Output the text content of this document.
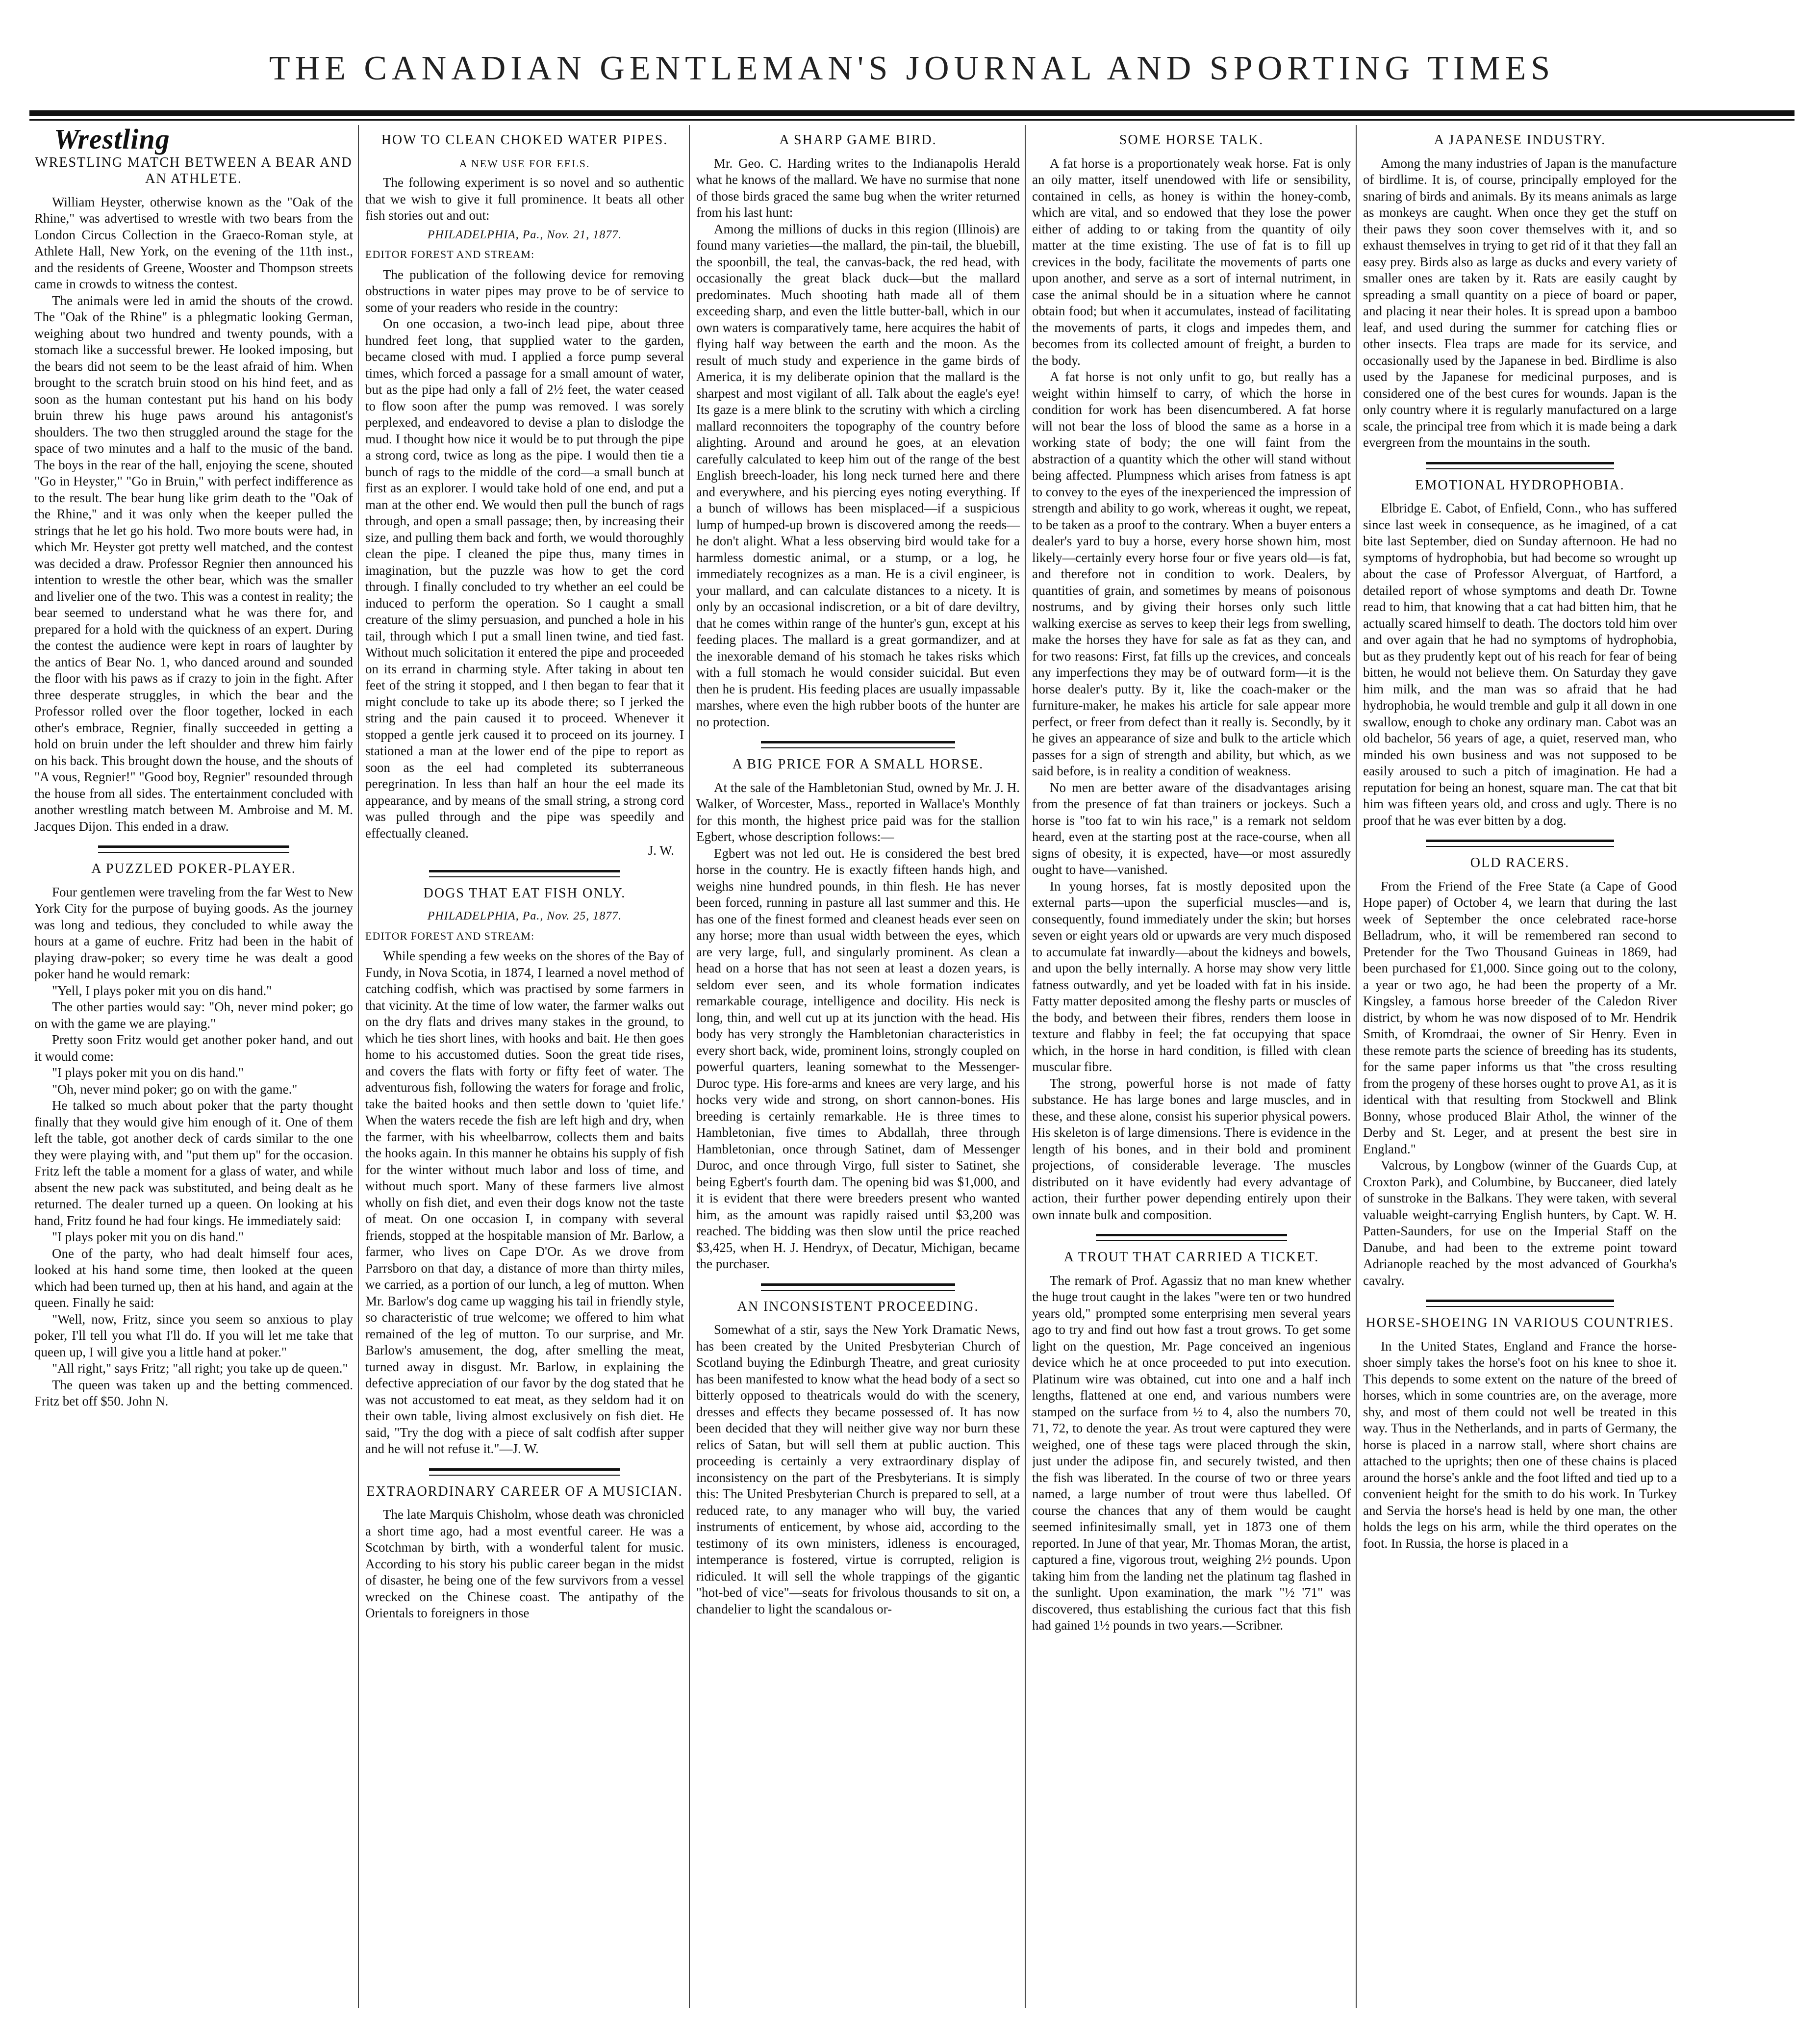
THE CANADIAN GENTLEMAN'S JOURNAL AND SPORTING TIMES
Wrestling
WRESTLING MATCH BETWEEN A BEAR AND AN ATHLETE.

William Heyster, otherwise known as the "Oak of the Rhine," was advertised to wrestle with two bears from the London Circus Collection in the Graeco-Roman style, at Athlete Hall, New York, on the evening of the 11th inst., and the residents of Greene, Wooster and Thompson streets came in crowds to witness the contest.

The animals were led in amid the shouts of the crowd. The "Oak of the Rhine" is a phlegmatic looking German, weighing about two hundred and twenty pounds, with a stomach like a successful brewer. He looked imposing, but the bears did not seem to be the least afraid of him. When brought to the scratch bruin stood on his hind feet, and as soon as the human contestant put his hand on his body bruin threw his huge paws around his antagonist's shoulders. The two then struggled around the stage for the space of two minutes and a half to the music of the band. The boys in the rear of the hall, enjoying the scene, shouted "Go in Heyster," "Go in Bruin," with perfect indifference as to the result. The bear hung like grim death to the "Oak of the Rhine," and it was only when the keeper pulled the strings that he let go his hold. Two more bouts were had, in which Mr. Heyster got pretty well matched, and the contest was decided a draw. Professor Regnier then announced his intention to wrestle the other bear, which was the smaller and livelier one of the two. This was a contest in reality; the bear seemed to understand what he was there for, and prepared for a hold with the quickness of an expert. During the contest the audience were kept in roars of laughter by the antics of Bear No. 1, who danced around and sounded the floor with his paws as if crazy to join in the fight. After three desperate struggles, in which the bear and the Professor rolled over the floor together, locked in each other's embrace, Regnier, finally succeeded in getting a hold on bruin under the left shoulder and threw him fairly on his back. This brought down the house, and the shouts of "A vous, Regnier!" "Good boy, Regnier" resounded through the house from all sides. The entertainment concluded with another wrestling match between M. Ambroise and M. M. Jacques Dijon. This ended in a draw.

A PUZZLED POKER-PLAYER.

Four gentlemen were traveling from the far West to New York City for the purpose of buying goods. As the journey was long and tedious, they concluded to while away the hours at a game of euchre. Fritz had been in the habit of playing draw-poker; so every time he was dealt a good poker hand he would remark:

"Yell, I plays poker mit you on dis hand."

The other parties would say: "Oh, never mind poker; go on with the game we are playing."

Pretty soon Fritz would get another poker hand, and out it would come:

"I plays poker mit you on dis hand."

"Oh, never mind poker; go on with the game."

He talked so much about poker that the party thought finally that they would give him enough of it. One of them left the table, got another deck of cards similar to the one they were playing with, and "put them up" for the occasion. Fritz left the table a moment for a glass of water, and while absent the new pack was substituted, and being dealt as he returned. The dealer turned up a queen. On looking at his hand, Fritz found he had four kings. He immediately said:

"I plays poker mit you on dis hand."

One of the party, who had dealt himself four aces, looked at his hand some time, then looked at the queen which had been turned up, then at his hand, and again at the queen. Finally he said:

"Well, now, Fritz, since you seem so anxious to play poker, I'll tell you what I'll do. If you will let me take that queen up, I will give you a little hand at poker."

"All right," says Fritz; "all right; you take up de queen."

The queen was taken up and the betting commenced. Fritz bet off $50. John N.

HOW TO CLEAN CHOKED WATER PIPES.
A NEW USE FOR EELS.

The following experiment is so novel and so authentic that we wish to give it full prominence. It beats all other fish stories out and out:

PHILADELPHIA, Pa., Nov. 21, 1877.
EDITOR FOREST AND STREAM:

The publication of the following device for removing obstructions in water pipes may prove to be of service to some of your readers who reside in the country:

On one occasion, a two-inch lead pipe, about three hundred feet long, that supplied water to the garden, became closed with mud. I applied a force pump several times, which forced a passage for a small amount of water, but as the pipe had only a fall of 2½ feet, the water ceased to flow soon after the pump was removed. I was sorely perplexed, and endeavored to devise a plan to dislodge the mud. I thought how nice it would be to put through the pipe a strong cord, twice as long as the pipe. I would then tie a bunch of rags to the middle of the cord—a small bunch at first as an explorer. I would take hold of one end, and put a man at the other end. We would then pull the bunch of rags through, and open a small passage; then, by increasing their size, and pulling them back and forth, we would thoroughly clean the pipe. I cleaned the pipe thus, many times in imagination, but the puzzle was how to get the cord through. I finally concluded to try whether an eel could be induced to perform the operation. So I caught a small creature of the slimy persuasion, and punched a hole in his tail, through which I put a small linen twine, and tied fast. Without much solicitation it entered the pipe and proceeded on its errand in charming style. After taking in about ten feet of the string it stopped, and I then began to fear that it might conclude to take up its abode there; so I jerked the string and the pain caused it to proceed. Whenever it stopped a gentle jerk caused it to proceed on its journey. I stationed a man at the lower end of the pipe to report as soon as the eel had completed its subterraneous peregrination. In less than half an hour the eel made its appearance, and by means of the small string, a strong cord was pulled through and the pipe was speedily and effectually cleaned.

J. W.
DOGS THAT EAT FISH ONLY.
PHILADELPHIA, Pa., Nov. 25, 1877.
EDITOR FOREST AND STREAM:

While spending a few weeks on the shores of the Bay of Fundy, in Nova Scotia, in 1874, I learned a novel method of catching codfish, which was practised by some farmers in that vicinity. At the time of low water, the farmer walks out on the dry flats and drives many stakes in the ground, to which he ties short lines, with hooks and bait. He then goes home to his accustomed duties. Soon the great tide rises, and covers the flats with forty or fifty feet of water. The adventurous fish, following the waters for forage and frolic, take the baited hooks and then settle down to 'quiet life.' When the waters recede the fish are left high and dry, when the farmer, with his wheelbarrow, collects them and baits the hooks again. In this manner he obtains his supply of fish for the winter without much labor and loss of time, and without much sport. Many of these farmers live almost wholly on fish diet, and even their dogs know not the taste of meat. On one occasion I, in company with several friends, stopped at the hospitable mansion of Mr. Barlow, a farmer, who lives on Cape D'Or. As we drove from Parrsboro on that day, a distance of more than thirty miles, we carried, as a portion of our lunch, a leg of mutton. When Mr. Barlow's dog came up wagging his tail in friendly style, so characteristic of true welcome; we offered to him what remained of the leg of mutton. To our surprise, and Mr. Barlow's amusement, the dog, after smelling the meat, turned away in disgust. Mr. Barlow, in explaining the defective appreciation of our favor by the dog stated that he was not accustomed to eat meat, as they seldom had it on their own table, living almost exclusively on fish diet. He said, "Try the dog with a piece of salt codfish after supper and he will not refuse it."—J. W.

EXTRAORDINARY CAREER OF A MUSICIAN.

The late Marquis Chisholm, whose death was chronicled a short time ago, had a most eventful career. He was a Scotchman by birth, with a wonderful talent for music. According to his story his public career began in the midst of disaster, he being one of the few survivors from a vessel wrecked on the Chinese coast. The antipathy of the Orientals to foreigners in those

A SHARP GAME BIRD.

Mr. Geo. C. Harding writes to the Indianapolis Herald what he knows of the mallard. We have no surmise that none of those birds graced the same bug when the writer returned from his last hunt:

Among the millions of ducks in this region (Illinois) are found many varieties—the mallard, the pin-tail, the bluebill, the spoonbill, the teal, the canvas-back, the red head, with occasionally the great black duck—but the mallard predominates. Much shooting hath made all of them exceeding sharp, and even the little butter-ball, which in our own waters is comparatively tame, here acquires the habit of flying half way between the earth and the moon. As the result of much study and experience in the game birds of America, it is my deliberate opinion that the mallard is the sharpest and most vigilant of all. Talk about the eagle's eye! Its gaze is a mere blink to the scrutiny with which a circling mallard reconnoiters the topography of the country before alighting. Around and around he goes, at an elevation carefully calculated to keep him out of the range of the best English breech-loader, his long neck turned here and there and everywhere, and his piercing eyes noting everything. If a bunch of willows has been misplaced—if a suspicious lump of humped-up brown is discovered among the reeds—he don't alight. What a less observing bird would take for a harmless domestic animal, or a stump, or a log, he immediately recognizes as a man. He is a civil engineer, is your mallard, and can calculate distances to a nicety. It is only by an occasional indiscretion, or a bit of dare deviltry, that he comes within range of the hunter's gun, except at his feeding places. The mallard is a great gormandizer, and at the inexorable demand of his stomach he takes risks which with a full stomach he would consider suicidal. But even then he is prudent. His feeding places are usually impassable marshes, where even the high rubber boots of the hunter are no protection.

A BIG PRICE FOR A SMALL HORSE.

At the sale of the Hambletonian Stud, owned by Mr. J. H. Walker, of Worcester, Mass., reported in Wallace's Monthly for this month, the highest price paid was for the stallion Egbert, whose description follows:—

Egbert was not led out. He is considered the best bred horse in the country. He is exactly fifteen hands high, and weighs nine hundred pounds, in thin flesh. He has never been forced, running in pasture all last summer and this. He has one of the finest formed and cleanest heads ever seen on any horse; more than usual width between the eyes, which are very large, full, and singularly prominent. As clean a head on a horse that has not seen at least a dozen years, is seldom ever seen, and its whole formation indicates remarkable courage, intelligence and docility. His neck is long, thin, and well cut up at its junction with the head. His body has very strongly the Hambletonian characteristics in every short back, wide, prominent loins, strongly coupled on powerful quarters, leaning somewhat to the Messenger-Duroc type. His fore-arms and knees are very large, and his hocks very wide and strong, on short cannon-bones. His breeding is certainly remarkable. He is three times to Hambletonian, five times to Abdallah, three through Hambletonian, once through Satinet, dam of Messenger Duroc, and once through Virgo, full sister to Satinet, she being Egbert's fourth dam. The opening bid was $1,000, and it is evident that there were breeders present who wanted him, as the amount was rapidly raised until $3,200 was reached. The bidding was then slow until the price reached $3,425, when H. J. Hendryx, of Decatur, Michigan, became the purchaser.

AN INCONSISTENT PROCEEDING.

Somewhat of a stir, says the New York Dramatic News, has been created by the United Presbyterian Church of Scotland buying the Edinburgh Theatre, and great curiosity has been manifested to know what the head body of a sect so bitterly opposed to theatricals would do with the scenery, dresses and effects they became possessed of. It has now been decided that they will neither give way nor burn these relics of Satan, but will sell them at public auction. This proceeding is certainly a very extraordinary display of inconsistency on the part of the Presbyterians. It is simply this: The United Presbyterian Church is prepared to sell, at a reduced rate, to any manager who will buy, the varied instruments of enticement, by whose aid, according to the testimony of its own ministers, idleness is encouraged, intemperance is fostered, virtue is corrupted, religion is ridiculed. It will sell the whole trappings of the gigantic "hot-bed of vice"—seats for frivolous thousands to sit on, a chandelier to light the scandalous or-

SOME HORSE TALK.

A fat horse is a proportionately weak horse. Fat is only an oily matter, itself unendowed with life or sensibility, contained in cells, as honey is within the honey-comb, which are vital, and so endowed that they lose the power either of adding to or taking from the quantity of oily matter at the time existing. The use of fat is to fill up crevices in the body, facilitate the movements of parts one upon another, and serve as a sort of internal nutriment, in case the animal should be in a situation where he cannot obtain food; but when it accumulates, instead of facilitating the movements of parts, it clogs and impedes them, and becomes from its collected amount of freight, a burden to the body.

A fat horse is not only unfit to go, but really has a weight within himself to carry, of which the horse in condition for work has been disencumbered. A fat horse will not bear the loss of blood the same as a horse in a working state of body; the one will faint from the abstraction of a quantity which the other will stand without being affected. Plumpness which arises from fatness is apt to convey to the eyes of the inexperienced the impression of strength and ability to go work, whereas it ought, we repeat, to be taken as a proof to the contrary. When a buyer enters a dealer's yard to buy a horse, every horse shown him, most likely—certainly every horse four or five years old—is fat, and therefore not in condition to work. Dealers, by quantities of grain, and sometimes by means of poisonous nostrums, and by giving their horses only such little walking exercise as serves to keep their legs from swelling, make the horses they have for sale as fat as they can, and for two reasons: First, fat fills up the crevices, and conceals any imperfections they may be of outward form—it is the horse dealer's putty. By it, like the coach-maker or the furniture-maker, he makes his article for sale appear more perfect, or freer from defect than it really is. Secondly, by it he gives an appearance of size and bulk to the article which passes for a sign of strength and ability, but which, as we said before, is in reality a condition of weakness.

No men are better aware of the disadvantages arising from the presence of fat than trainers or jockeys. Such a horse is "too fat to win his race," is a remark not seldom heard, even at the starting post at the race-course, when all signs of obesity, it is expected, have—or most assuredly ought to have—vanished.

In young horses, fat is mostly deposited upon the external parts—upon the superficial muscles—and is, consequently, found immediately under the skin; but horses seven or eight years old or upwards are very much disposed to accumulate fat inwardly—about the kidneys and bowels, and upon the belly internally. A horse may show very little fatness outwardly, and yet be loaded with fat in his inside. Fatty matter deposited among the fleshy parts or muscles of the body, and between their fibres, renders them loose in texture and flabby in feel; the fat occupying that space which, in the horse in hard condition, is filled with clean muscular fibre.

The strong, powerful horse is not made of fatty substance. He has large bones and large muscles, and in these, and these alone, consist his superior physical powers. His skeleton is of large dimensions. There is evidence in the length of his bones, and in their bold and prominent projections, of considerable leverage. The muscles distributed on it have evidently had every advantage of action, their further power depending entirely upon their own innate bulk and composition.

A TROUT THAT CARRIED A TICKET.

The remark of Prof. Agassiz that no man knew whether the huge trout caught in the lakes "were ten or two hundred years old," prompted some enterprising men several years ago to try and find out how fast a trout grows. To get some light on the question, Mr. Page conceived an ingenious device which he at once proceeded to put into execution. Platinum wire was obtained, cut into one and a half inch lengths, flattened at one end, and various numbers were stamped on the surface from ½ to 4, also the numbers 70, 71, 72, to denote the year. As trout were captured they were weighed, one of these tags were placed through the skin, just under the adipose fin, and securely twisted, and then the fish was liberated. In the course of two or three years named, a large number of trout were thus labelled. Of course the chances that any of them would be caught seemed infinitesimally small, yet in 1873 one of them reported. In June of that year, Mr. Thomas Moran, the artist, captured a fine, vigorous trout, weighing 2½ pounds. Upon taking him from the landing net the platinum tag flashed in the sunlight. Upon examination, the mark "½ '71" was discovered, thus establishing the curious fact that this fish had gained 1½ pounds in two years.—Scribner.

A JAPANESE INDUSTRY.

Among the many industries of Japan is the manufacture of birdlime. It is, of course, principally employed for the snaring of birds and animals. By its means animals as large as monkeys are caught. When once they get the stuff on their paws they soon cover themselves with it, and so exhaust themselves in trying to get rid of it that they fall an easy prey. Birds also as large as ducks and every variety of smaller ones are taken by it. Rats are easily caught by spreading a small quantity on a piece of board or paper, and placing it near their holes. It is spread upon a bamboo leaf, and used during the summer for catching flies or other insects. Flea traps are made for its service, and occasionally used by the Japanese in bed. Birdlime is also used by the Japanese for medicinal purposes, and is considered one of the best cures for wounds. Japan is the only country where it is regularly manufactured on a large scale, the principal tree from which it is made being a dark evergreen from the mountains in the south.

EMOTIONAL HYDROPHOBIA.

Elbridge E. Cabot, of Enfield, Conn., who has suffered since last week in consequence, as he imagined, of a cat bite last September, died on Sunday afternoon. He had no symptoms of hydrophobia, but had become so wrought up about the case of Professor Alverguat, of Hartford, a detailed report of whose symptoms and death Dr. Towne read to him, that knowing that a cat had bitten him, that he actually scared himself to death. The doctors told him over and over again that he had no symptoms of hydrophobia, but as they prudently kept out of his reach for fear of being bitten, he would not believe them. On Saturday they gave him milk, and the man was so afraid that he had hydrophobia, he would tremble and gulp it all down in one swallow, enough to choke any ordinary man. Cabot was an old bachelor, 56 years of age, a quiet, reserved man, who minded his own business and was not supposed to be easily aroused to such a pitch of imagination. He had a reputation for being an honest, square man. The cat that bit him was fifteen years old, and cross and ugly. There is no proof that he was ever bitten by a dog.

OLD RACERS.

From the Friend of the Free State (a Cape of Good Hope paper) of October 4, we learn that during the last week of September the once celebrated race-horse Belladrum, who, it will be remembered ran second to Pretender for the Two Thousand Guineas in 1869, had been purchased for £1,000. Since going out to the colony, a year or two ago, he had been the property of a Mr. Kingsley, a famous horse breeder of the Caledon River district, by whom he was now disposed of to Mr. Hendrik Smith, of Kromdraai, the owner of Sir Henry. Even in these remote parts the science of breeding has its students, for the same paper informs us that "the cross resulting from the progeny of these horses ought to prove A1, as it is identical with that resulting from Stockwell and Blink Bonny, whose produced Blair Athol, the winner of the Derby and St. Leger, and at present the best sire in England."

Valcrous, by Longbow (winner of the Guards Cup, at Croxton Park), and Columbine, by Buccaneer, died lately of sunstroke in the Balkans. They were taken, with several valuable weight-carrying English hunters, by Capt. W. H. Patten-Saunders, for use on the Imperial Staff on the Danube, and had been to the extreme point toward Adrianople reached by the most advanced of Gourkha's cavalry.

HORSE-SHOEING IN VARIOUS COUNTRIES.

In the United States, England and France the horse-shoer simply takes the horse's foot on his knee to shoe it. This depends to some extent on the nature of the breed of horses, which in some countries are, on the average, more shy, and most of them could not well be treated in this way. Thus in the Netherlands, and in parts of Germany, the horse is placed in a narrow stall, where short chains are attached to the uprights; then one of these chains is placed around the horse's ankle and the foot lifted and tied up to a convenient height for the smith to do his work. In Turkey and Servia the horse's head is held by one man, the other holds the legs on his arm, while the third operates on the foot. In Russia, the horse is placed in a
